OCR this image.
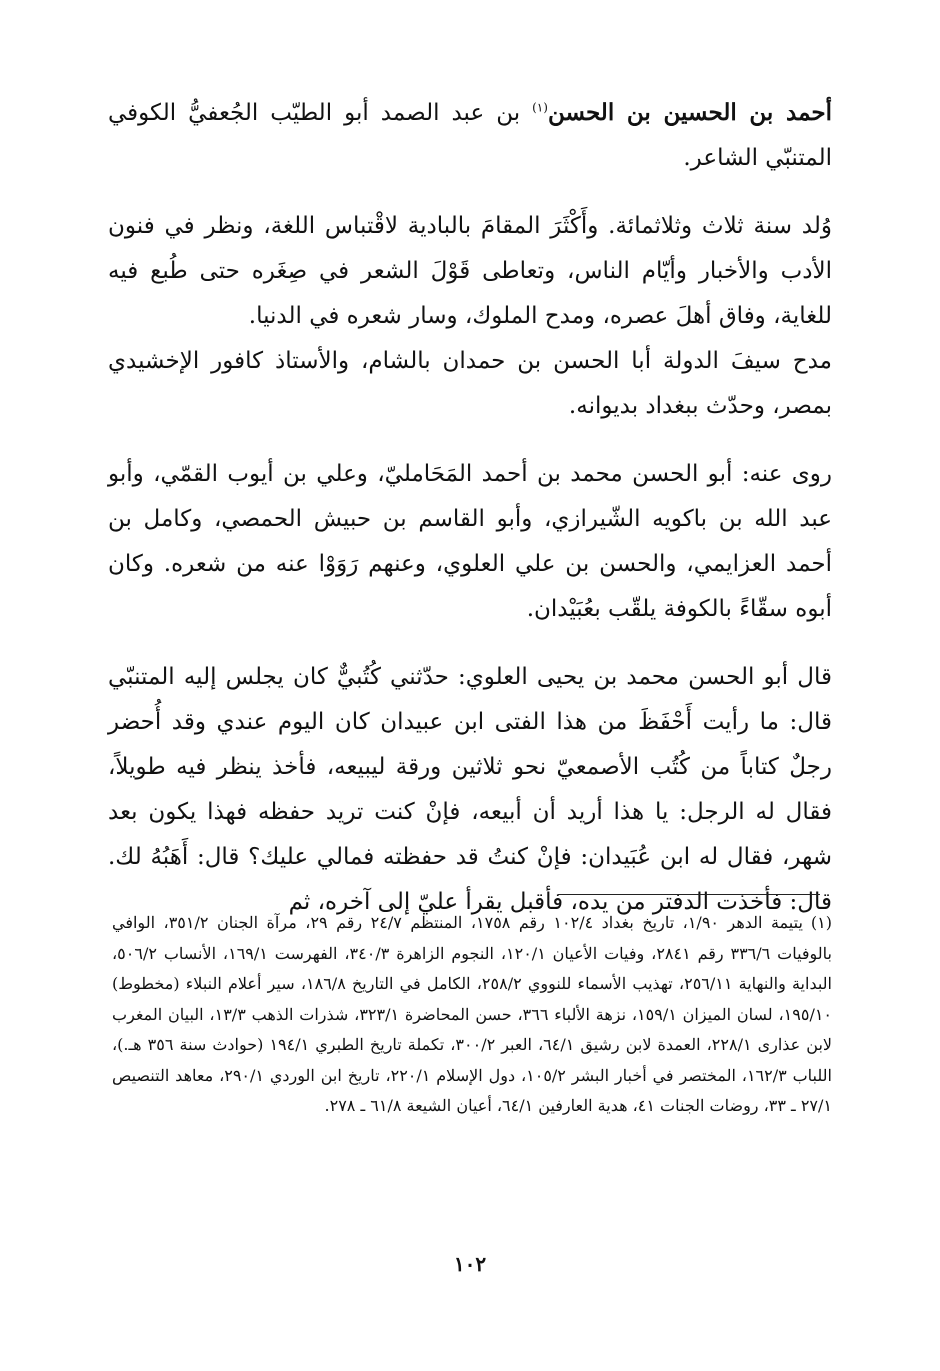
أحمد بن الحسين بن الحسن$^{(١)}$ بن عبد الصمد أبو الطيّب الجُعفيُّ الكوفي المتنبّي الشاعر.

وُلد سنة ثلاث وثلاثمائة. وأَكْثَرَ المقامَ بالبادية لاقْتباس اللغة، ونظر في فنون الأدب والأخبار وأيّام الناس، وتعاطى قَوْلَ الشعر في صِغَره حتى طُبع فيه للغاية، وفاق أهلَ عصره، ومدح الملوك، وسار شعره في الدنيا.

مدح سيفَ الدولة أبا الحسن بن حمدان بالشام، والأستاذ كافور الإخشيدي بمصر، وحدّث ببغداد بديوانه.

روى عنه: أبو الحسن محمد بن أحمد المَحَامليّ، وعلي بن أيوب القمّي، وأبو عبد الله بن باكويه الشّيرازي، وأبو القاسم بن حبيش الحمصي، وكامل بن أحمد العزايمي، والحسن بن علي العلوي، وعنهم رَوَوْا عنه من شعره. وكان أبوه سقّاءً بالكوفة يلقّب بعُبَيْدان.

قال أبو الحسن محمد بن يحيى العلوي: حدّثني كُتُبيٌّ كان يجلس إليه المتنبّي قال: ما رأيت أَحْفَظَ من هذا الفتى ابن عبيدان كان اليوم عندي وقد أُحضر رجلٌ كتاباً من كُتُب الأصمعيّ نحو ثلاثين ورقة ليبيعه، فأخذ ينظر فيه طويلاً، فقال له الرجل: يا هذا أريد أن أبيعه، فإنْ كنت تريد حفظه فهذا يكون بعد شهر، فقال له ابن عُبَيدان: فإنْ كنتُ قد حفظته فمالي عليك؟ قال: أَهَبُهُ لك. قال: فأخذت الدفتر من يده، فأقبل يقرأ عليّ إلى آخره، ثم

(١)يتيمة الدهر ١/٩٠، تاريخ بغداد ١٠٢/٤ رقم ١٧٥٨، المنتظم ٢٤/٧ رقم ٢٩، مرآة الجنان ٣٥١/٢، الوافي بالوفيات ٣٣٦/٦ رقم ٢٨٤١، وفيات الأعيان ١٢٠/١، النجوم الزاهرة ٣٤٠/٣، الفهرست ١٦٩/١، الأنساب ٥٠٦/٢، البداية والنهاية ٢٥٦/١١، تهذيب الأسماء للنووي ٢٥٨/٢، الكامل في التاريخ ١٨٦/٨، سير أعلام النبلاء (مخطوط) ١٩٥/١٠، لسان الميزان ١٥٩/١، نزهة الألباء ٣٦٦، حسن المحاضرة ٣٢٣/١، شذرات الذهب ١٣/٣، البيان المغرب لابن عذارى ٢٢٨/١، العمدة لابن رشيق ٦٤/١، العبر ٣٠٠/٢، تكملة تاريخ الطبري ١٩٤/١ (حوادث سنة ٣٥٦ هـ.)، اللباب ١٦٢/٣، المختصر في أخبار البشر ١٠٥/٢، دول الإسلام ٢٢٠/١، تاريخ ابن الوردي ٢٩٠/١، معاهد التنصيص ٢٧/١ ـ ٣٣، روضات الجنات ٤١، هدية العارفين ٦٤/١، أعيان الشيعة ٦١/٨ ـ ٢٧٨.
١٠٢
